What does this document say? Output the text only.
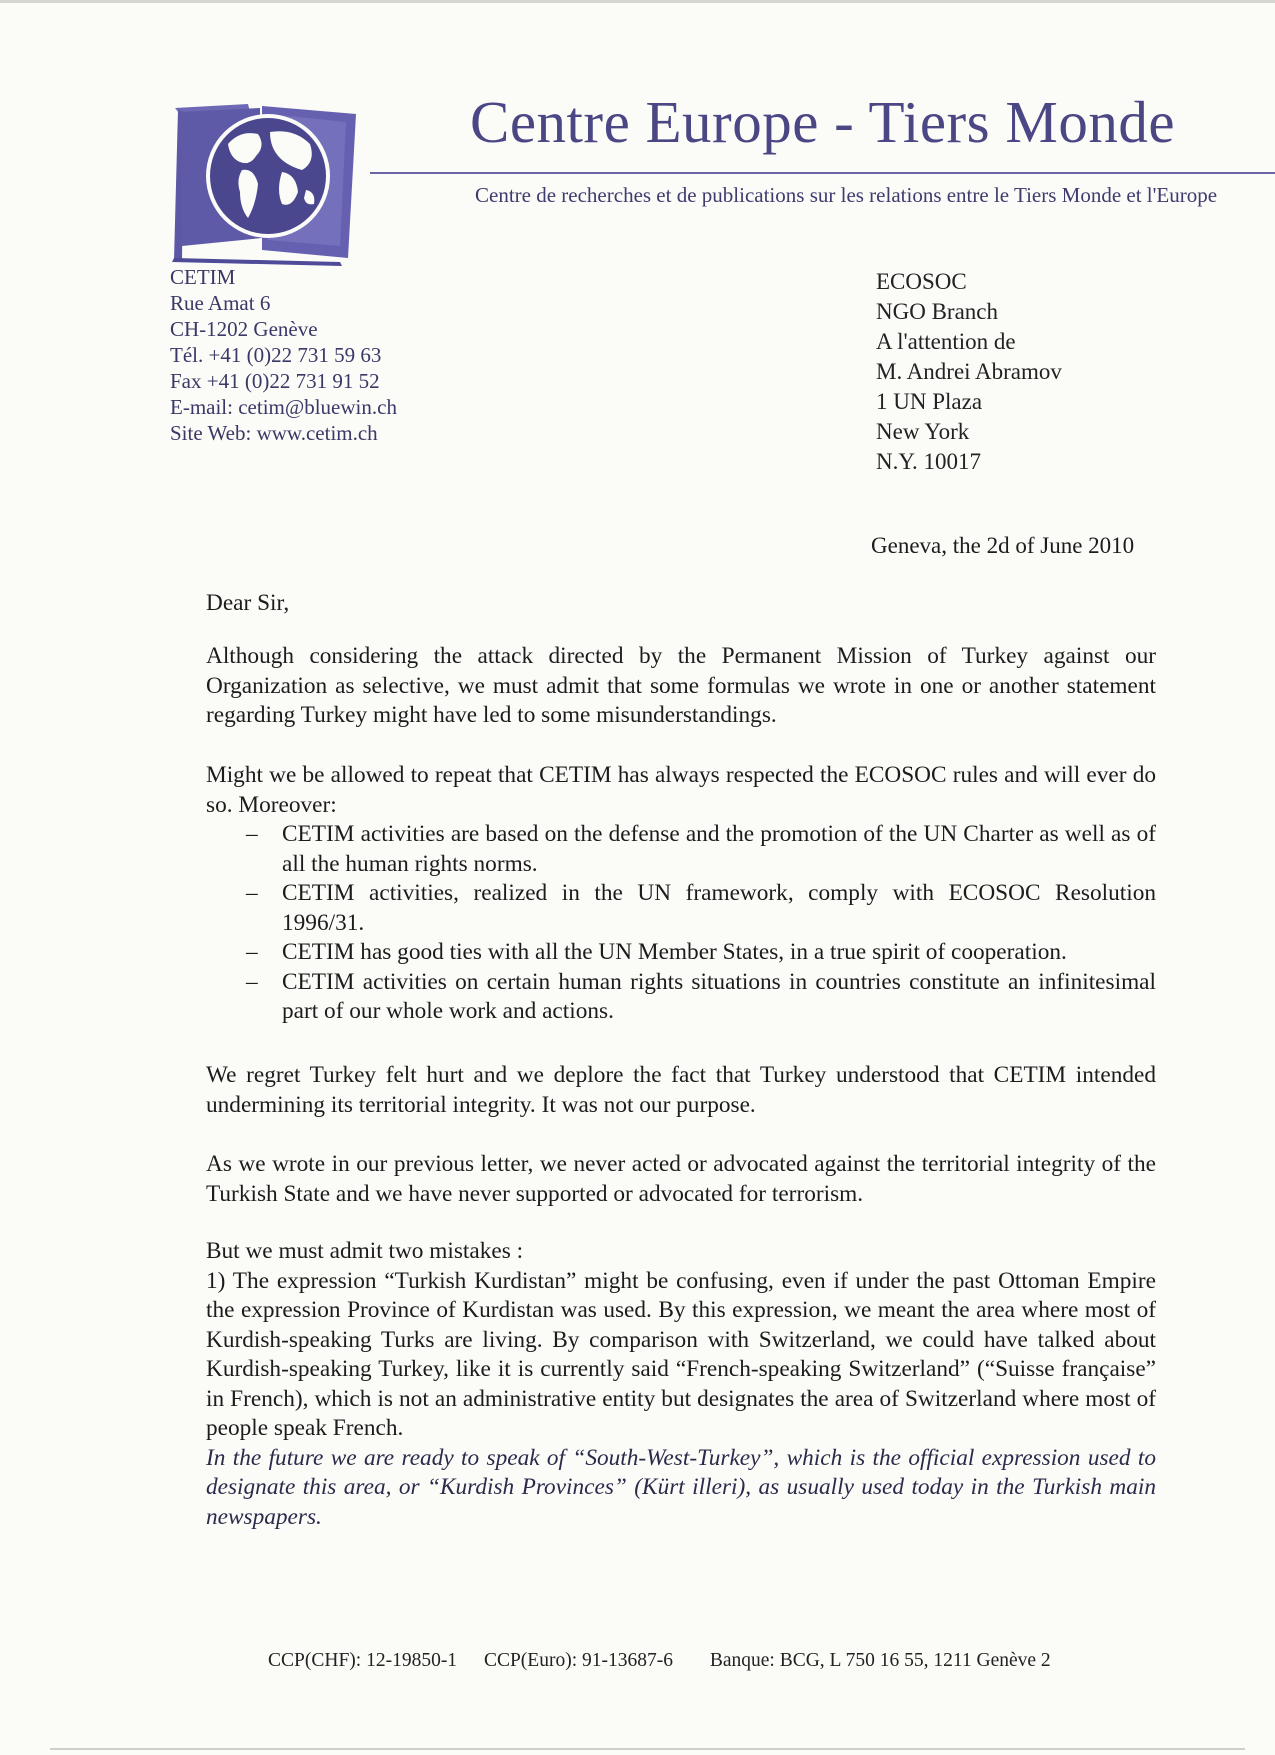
Centre Europe - Tiers Monde
Centre de recherches et de publications sur les relations entre le Tiers Monde et l'Europe
CETIM
Rue Amat 6
CH-1202 Genève
Tél. +41 (0)22 731 59 63
Fax +41 (0)22 731 91 52
E-mail: cetim@bluewin.ch
Site Web: www.cetim.ch
ECOSOC
NGO Branch
A l'attention de
M. Andrei Abramov
1 UN Plaza
New York
N.Y. 10017
Geneva, the 2d of June 2010
Dear Sir,
Although considering the attack directed by the Permanent Mission of Turkey against our Organization as selective, we must admit that some formulas we wrote in one or another statement regarding Turkey might have led to some misunderstandings.
Might we be allowed to repeat that CETIM has always respected the ECOSOC rules and will ever do so. Moreover:
– CETIM activities are based on the defense and the promotion of the UN Charter as well as of all the human rights norms.
– CETIM activities, realized in the UN framework, comply with ECOSOC Resolution 1996/31.
– CETIM has good ties with all the UN Member States, in a true spirit of cooperation.
– CETIM activities on certain human rights situations in countries constitute an infinitesimal part of our whole work and actions.
We regret Turkey felt hurt and we deplore the fact that Turkey understood that CETIM intended undermining its territorial integrity. It was not our purpose.
As we wrote in our previous letter, we never acted or advocated against the territorial integrity of the Turkish State and we have never supported or advocated for terrorism.
But we must admit two mistakes :
1) The expression “Turkish Kurdistan” might be confusing, even if under the past Ottoman Empire the expression Province of Kurdistan was used. By this expression, we meant the area where most of Kurdish-speaking Turks are living. By comparison with Switzerland, we could have talked about Kurdish-speaking Turkey, like it is currently said “French-speaking Switzerland” (“Suisse française” in French), which is not an administrative entity but designates the area of Switzerland where most of people speak French.
In the future we are ready to speak of “South-West-Turkey”, which is the official expression used to designate this area, or “Kurdish Provinces” (Kürt illeri), as usually used today in the Turkish main newspapers.
CCP(CHF): 12-19850-1 CCP(Euro): 91-13687-6 Banque: BCG, L 750 16 55, 1211 Genève 2
